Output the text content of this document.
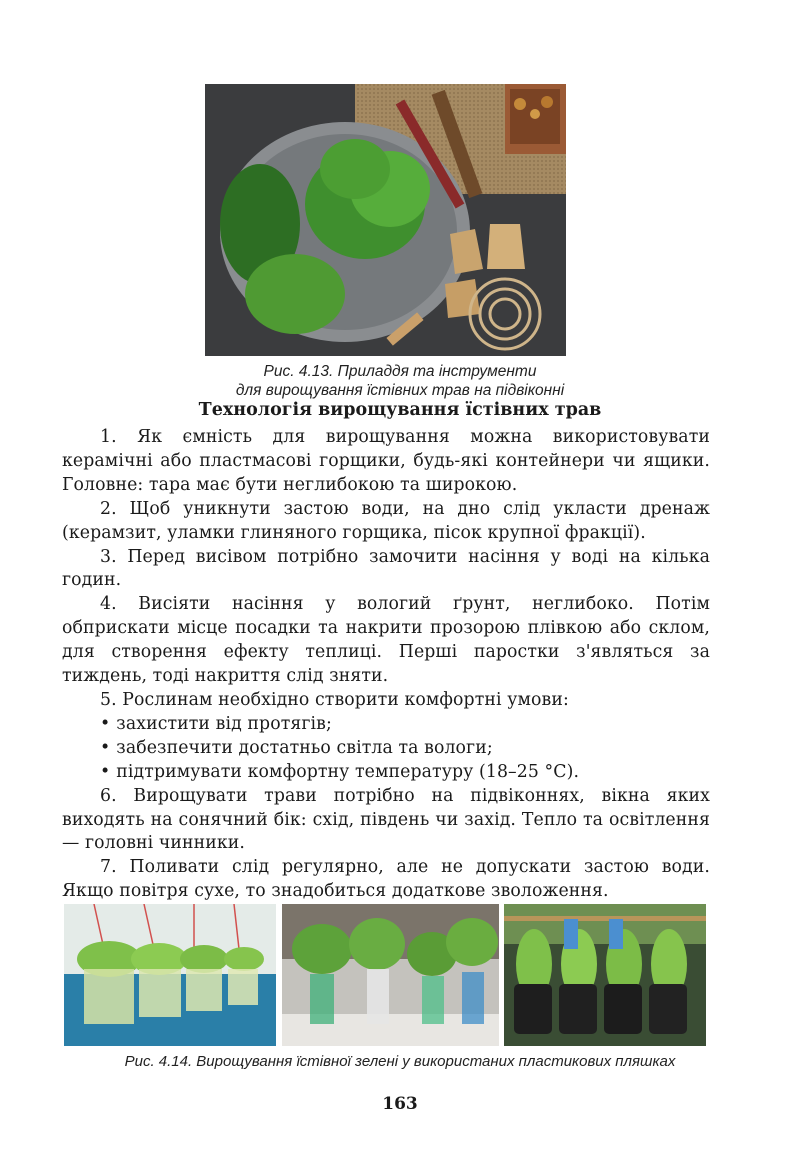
Рис. 4.13. Приладдя та інструменти
для вирощування їстівних трав на підвіконні
Технологія вирощування їстівних трав

1. Як ємність для вирощування можна використовувати керамічні або пластмасові горщики, будь-які контейнери чи ящики. Головне: тара має бути неглибокою та широкою.

2. Щоб уникнути застою води, на дно слід укласти дренаж (керамзит, уламки глиняного горщика, пісок крупної фракції).

3. Перед висівом потрібно замочити насіння у воді на кілька годин.

4. Висіяти насіння у вологий ґрунт, неглибоко. Потім обприскати місце посадки та накрити прозорою плівкою або склом, для створення ефекту теплиці. Перші паростки з'являться за тиждень, тоді накриття слід зняти.

5. Рослинам необхідно створити комфортні умови:

• захистити від протягів;

• забезпечити достатньо світла та вологи;

• підтримувати комфортну температуру (18–25 °С).

6. Вирощувати трави потрібно на підвіконнях, вікна яких виходять на сонячний бік: схід, південь чи захід. Тепло та освітлення — головні чинники.

7. Поливати слід регулярно, але не допускати застою води. Якщо повітря сухе, то знадобиться додаткове зволоження.

Рис. 4.14. Вирощування їстівної зелені у використаних пластикових пляшках
163
